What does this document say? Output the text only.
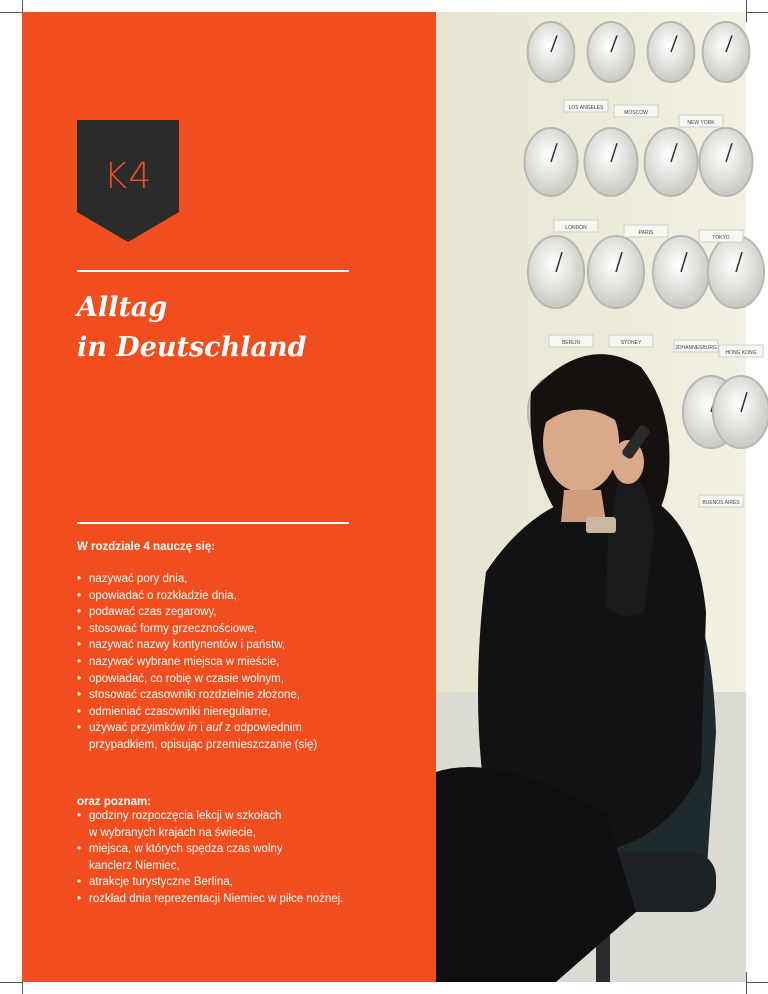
K4
Alltag
in Deutschland
W rozdziale 4 nauczę się:
• nazywać pory dnia,
• opowiadać o rozkładzie dnia,
• podawać czas zegarowy,
• stosować formy grzecznościowe,
• nazywać nazwy kontynentów i państw,
• nazywać wybrane miejsca w mieście,
• opowiadać, co robię w czasie wolnym,
• stosować czasowniki rozdzielnie złożone,
• odmieniać czasowniki nieregularne,
• używać przyimków in i auf z odpowiednim
przypadkiem, opisując przemieszczanie (się)
oraz poznam:
• godziny rozpoczęcia lekcji w szkołach
w wybranych krajach na świecie,
• miejsca, w których spędza czas wolny
kanclerz Niemiec,
• atrakcje turystyczne Berlina,
• rozkład dnia reprezentacji Niemiec w piłce nożnej.
LOS ANGELES
MOSCOW
NEW YORK
LONDON
PARIS
TOKYO
BERLIN	SYDNEY
JOHANNESBURG
HONG KONG
BUENOS AIRES
